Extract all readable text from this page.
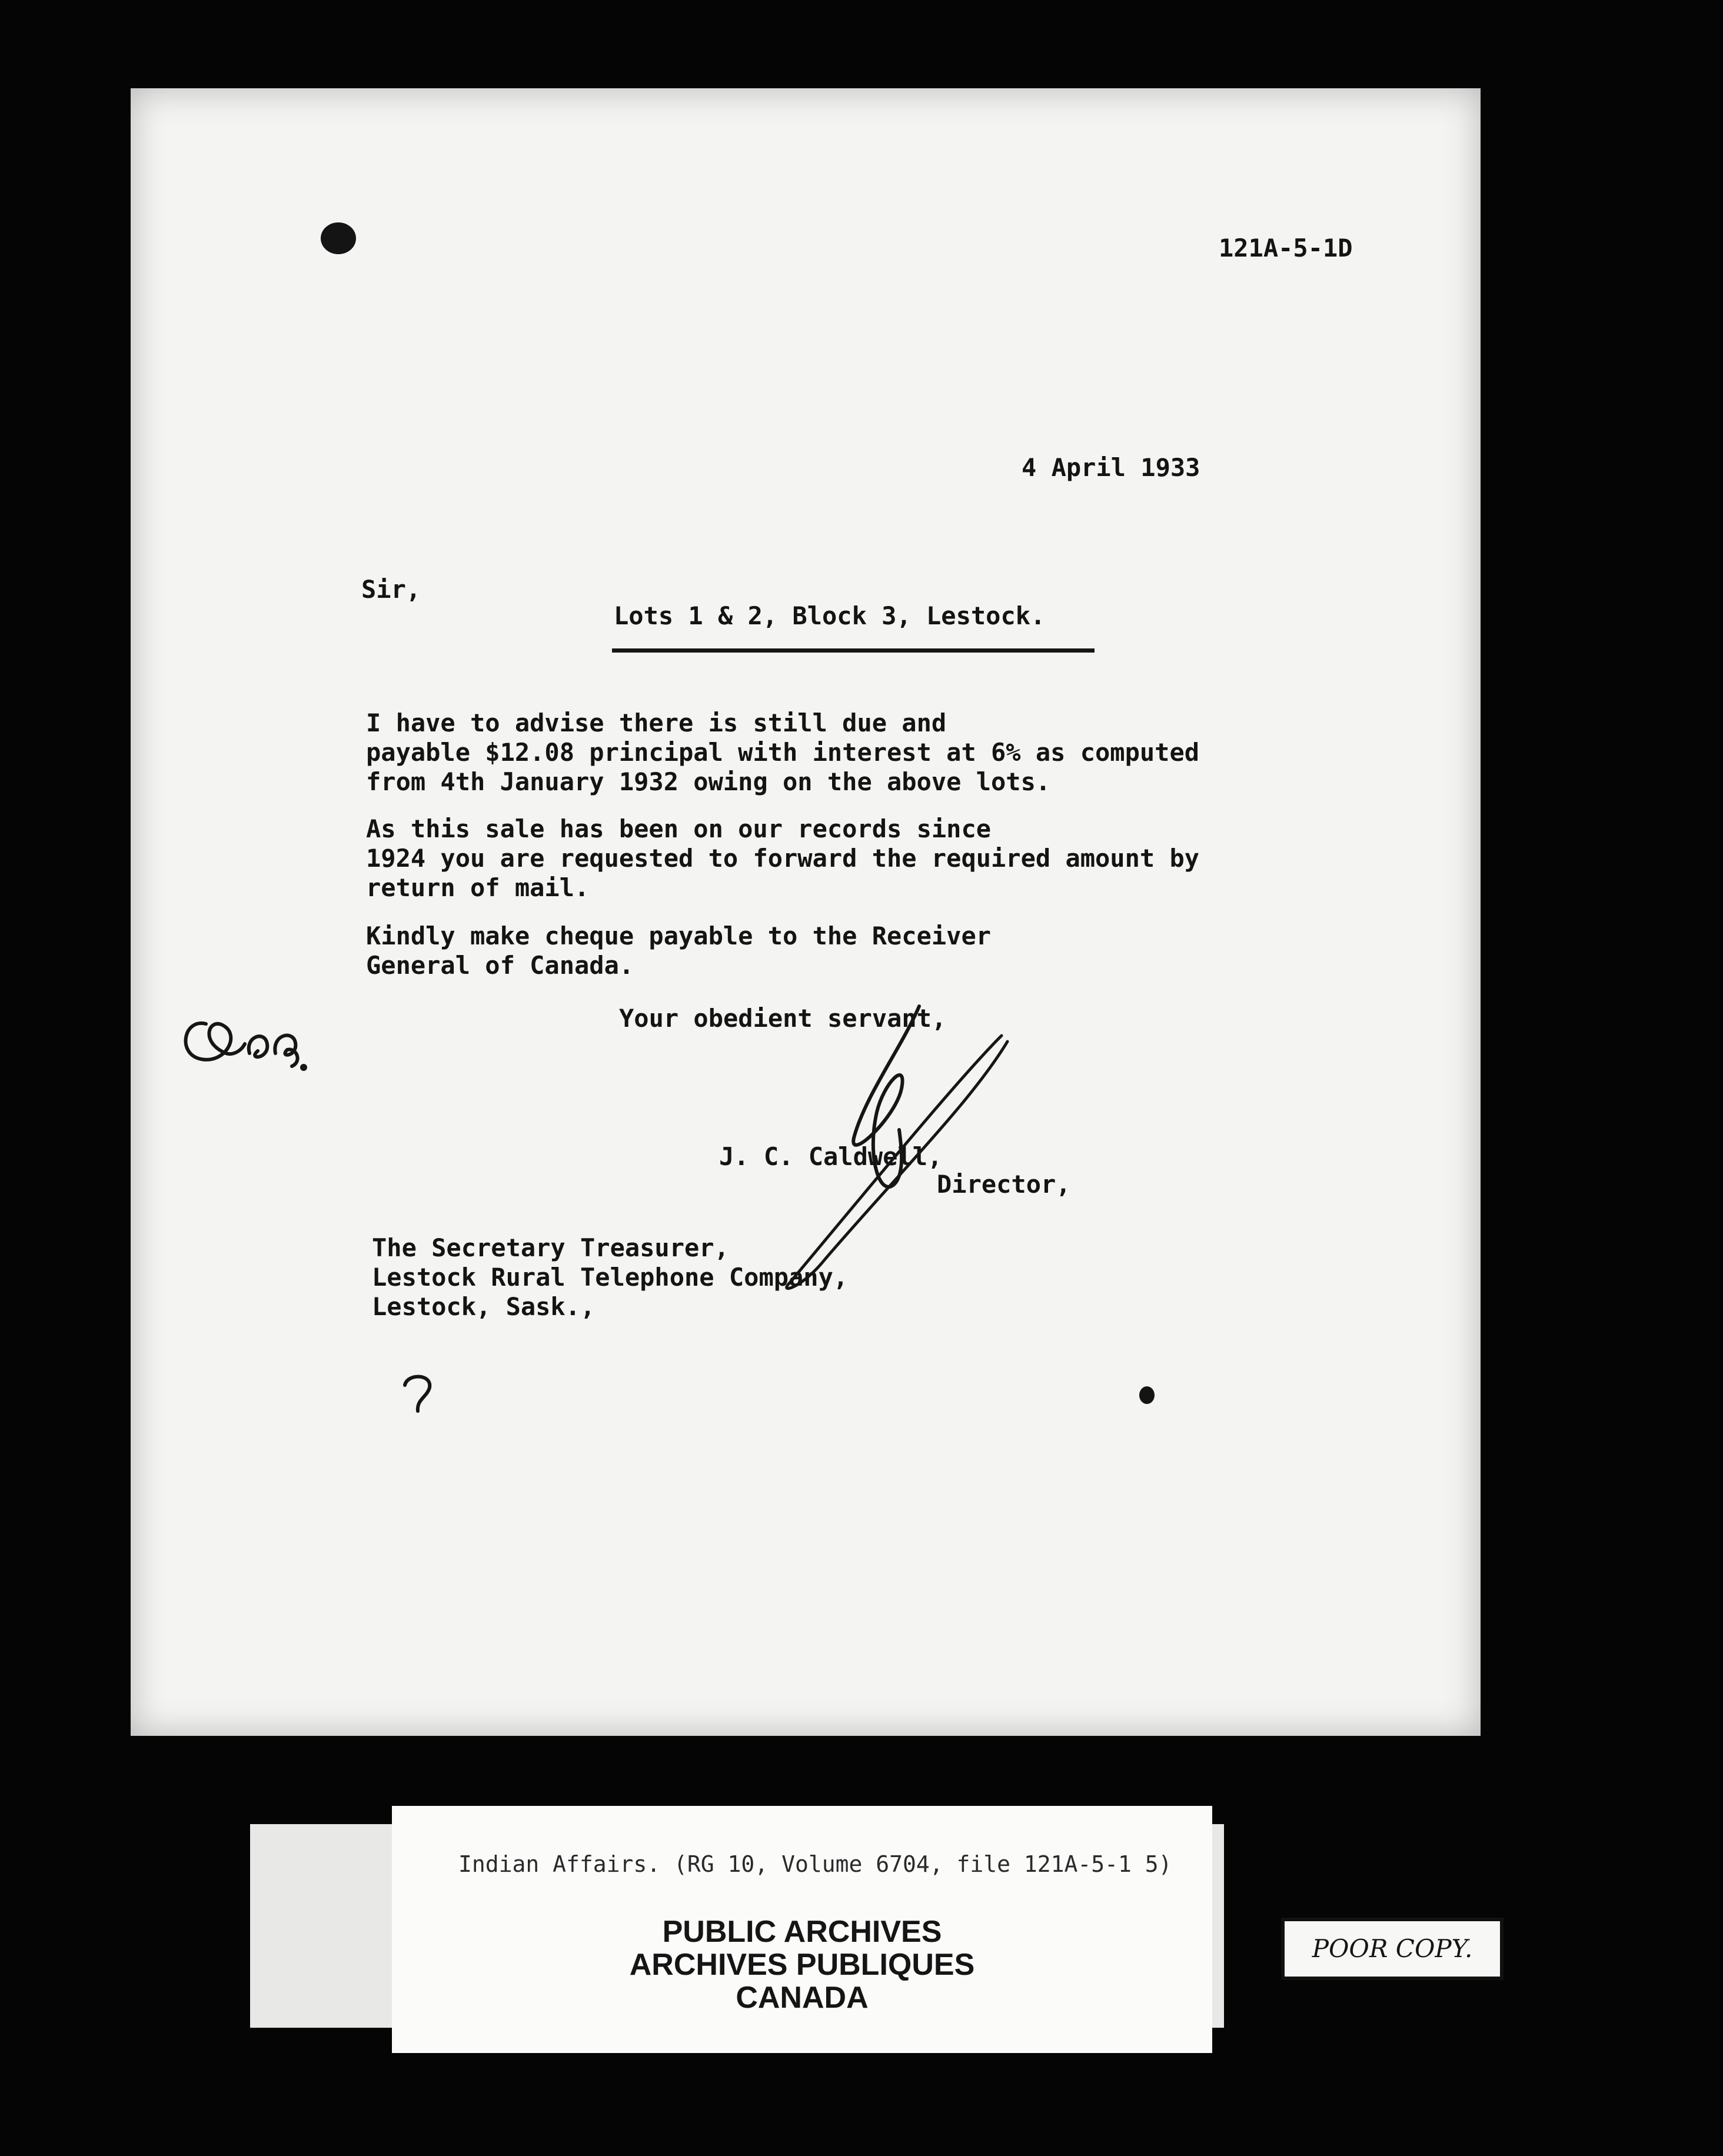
121A-5-1D
4 April 1933
Sir,
Lots 1 & 2, Block 3, Lestock.
I have to advise there is still due and
payable $12.08 principal with interest at 6% as computed
from 4th January 1932 owing on the above lots.
As this sale has been on our records since
1924 you are requested to forward the required amount by
return of mail.
Kindly make cheque payable to the Receiver
General of Canada.
Your obedient servant,
J. C. Caldwell,
Director,
The Secretary Treasurer,
Lestock Rural Telephone Company,
Lestock, Sask.,
Indian Affairs. (RG 10, Volume 6704, file 121A-5-1 5)
PUBLIC ARCHIVES
ARCHIVES PUBLIQUES
CANADA
POOR COPY.
